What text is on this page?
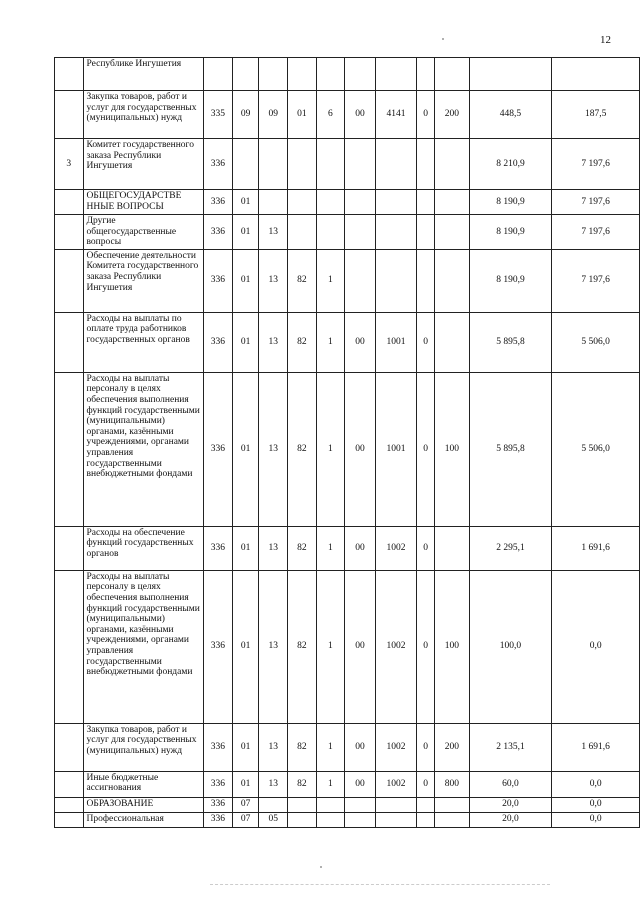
12
	Республике Ингушетия											
	Закупка товаров, работ и услуг для государственных (муниципальных) нужд	335	09	09	01	6	00	4141	0	200	448,5	187,5
3	Комитет государственного заказа Республики Ингушетия	336									8 210,9	7 197,6
	ОБЩЕГОСУДАРСТВЕ ННЫЕ ВОПРОСЫ	336	01								8 190,9	7 197,6
	Другие общегосударственные вопросы	336	01	13							8 190,9	7 197,6
	Обеспечение деятельности Комитета государственного заказа Республики Ингушетия	336	01	13	82	1					8 190,9	7 197,6
	Расходы на выплаты по оплате труда работников государственных органов	336	01	13	82	1	00	1001	0		5 895,8	5 506,0
	Расходы на выплаты персоналу в целях обеспечения выполнения функций государственными (муниципальными) органами, казёнными учреждениями, органами управления государственными внебюджетными фондами	336	01	13	82	1	00	1001	0	100	5 895,8	5 506,0
	Расходы на обеспечение функций государственных органов	336	01	13	82	1	00	1002	0		2 295,1	1 691,6
	Расходы на выплаты персоналу в целях обеспечения выполнения функций государственными (муниципальными) органами, казёнными учреждениями, органами управления государственными внебюджетными фондами	336	01	13	82	1	00	1002	0	100	100,0	0,0
	Закупка товаров, работ и услуг для государственных (муниципальных) нужд	336	01	13	82	1	00	1002	0	200	2 135,1	1 691,6
	Иные бюджетные ассигнования	336	01	13	82	1	00	1002	0	800	60,0	0,0
	ОБРАЗОВАНИЕ	336	07								20,0	0,0
	Профессиональная	336	07	05							20,0	0,0
